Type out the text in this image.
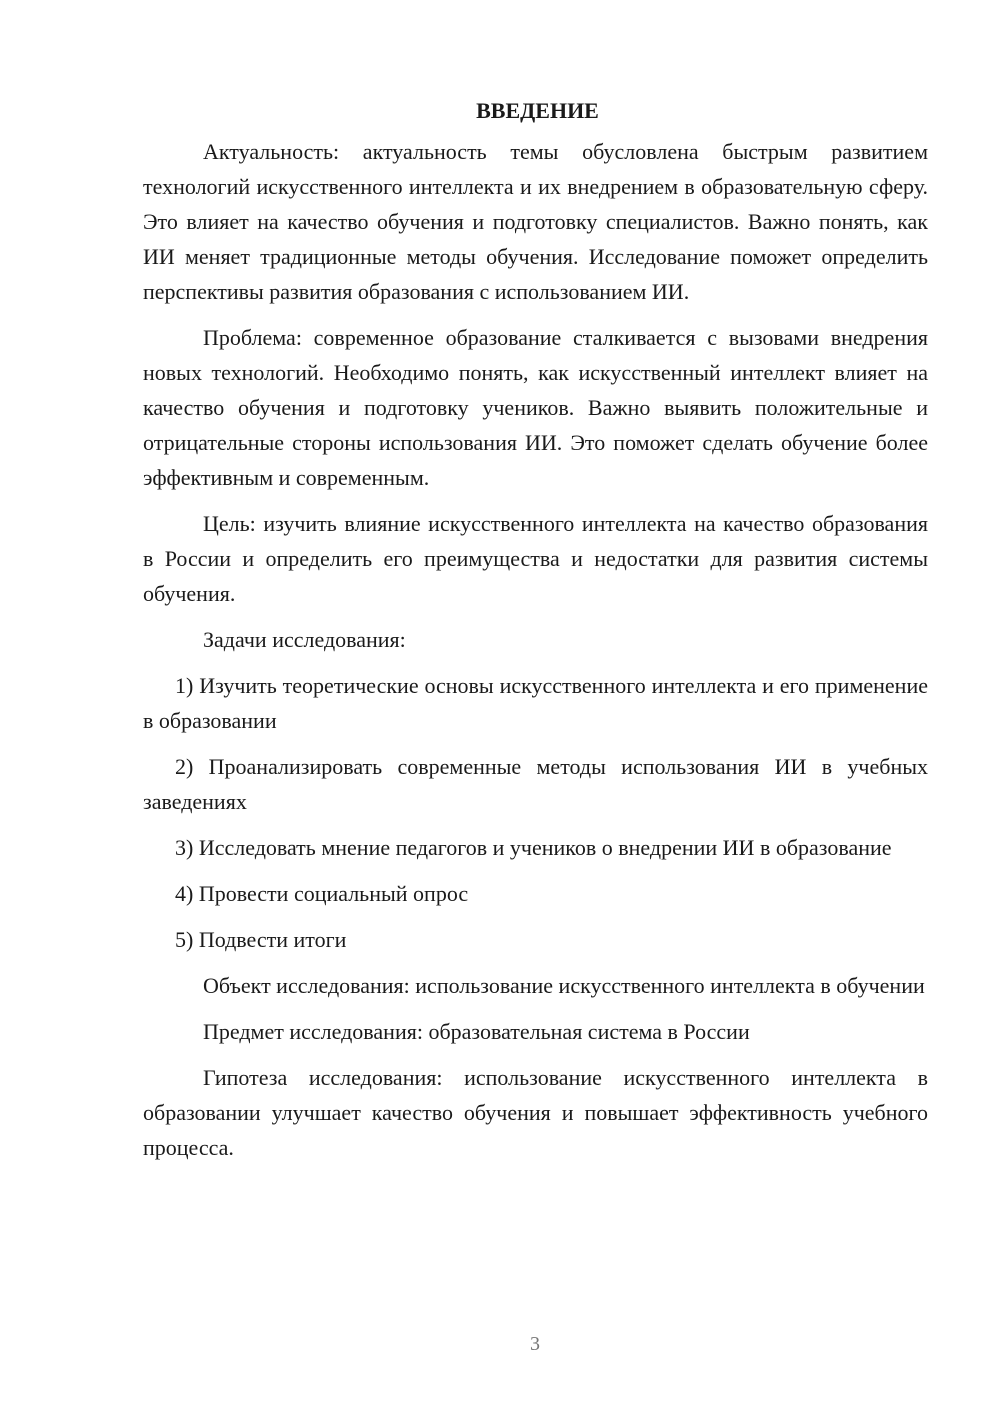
ВВЕДЕНИЕ

Актуальность: актуальность темы обусловлена быстрым развитием технологий искусственного интеллекта и их внедрением в образовательную сферу. Это влияет на качество обучения и подготовку специалистов. Важно понять, как ИИ меняет традиционные методы обучения. Исследование поможет определить перспективы развития образования с использованием ИИ.

Проблема: современное образование сталкивается с вызовами внедрения новых технологий. Необходимо понять, как искусственный интеллект влияет на качество обучения и подготовку учеников. Важно выявить положительные и отрицательные стороны использования ИИ. Это поможет сделать обучение более эффективным и современным.

Цель: изучить влияние искусственного интеллекта на качество образования в России и определить его преимущества и недостатки для развития системы обучения.

Задачи исследования:

1) Изучить теоретические основы искусственного интеллекта и его применение в образовании

2) Проанализировать современные методы использования ИИ в учебных заведениях

3) Исследовать мнение педагогов и учеников о внедрении ИИ в образование

4) Провести социальный опрос

5) Подвести итоги

Объект исследования: использование искусственного интеллекта в обучении

Предмет исследования: образовательная система в России

Гипотеза исследования: использование искусственного интеллекта в образовании улучшает качество обучения и повышает эффективность учебного процесса.

3
